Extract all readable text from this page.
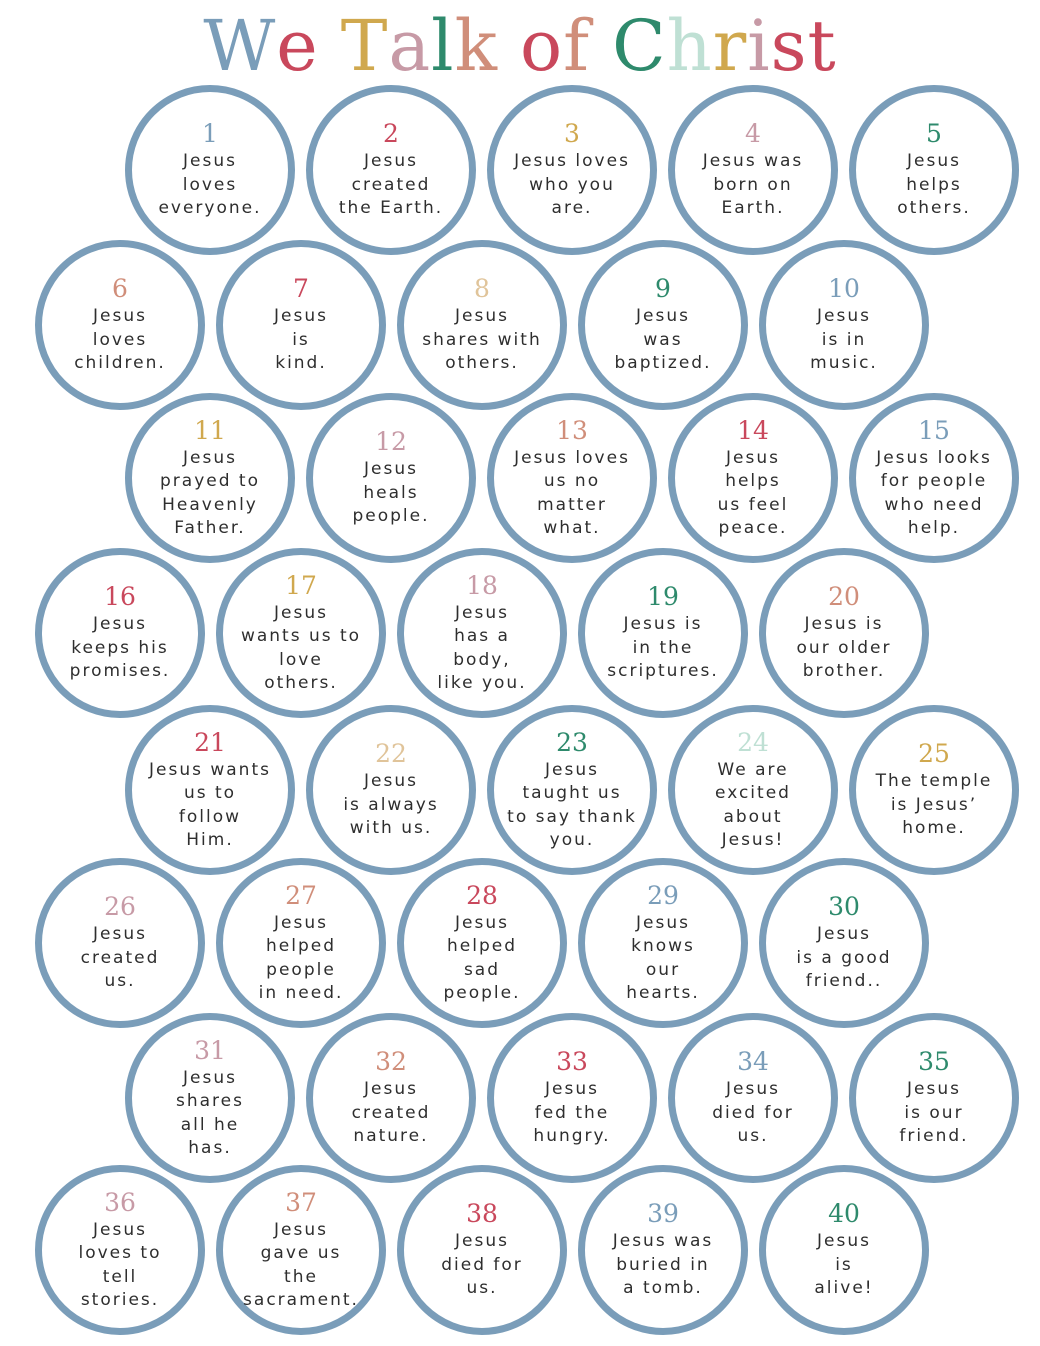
We Talk of Christ
1
Jesus
loves
everyone.
2
Jesus
created
the Earth.
3
Jesus loves
who you
are.
4
Jesus was
born on
Earth.
5
Jesus
helps
others.
6
Jesus
loves
children.
7
Jesus
is
kind.
8
Jesus
shares with
others.
9
Jesus
was
baptized.
10
Jesus
is in
music.
11
Jesus
prayed to
Heavenly
Father.
12
Jesus
heals
people.
13
Jesus loves
us no
matter
what.
14
Jesus
helps
us feel
peace.
15
Jesus looks
for people
who need
help.
16
Jesus
keeps his
promises.
17
Jesus
wants us to
love
others.
18
Jesus
has a
body,
like you.
19
Jesus is
in the
scriptures.
20
Jesus is
our older
brother.
21
Jesus wants
us to
follow
Him.
22
Jesus
is always
with us.
23
Jesus
taught us
to say thank
you.
24
We are
excited
about
Jesus!
25
The temple
is Jesus’
home.
26
Jesus
created
us.
27
Jesus
helped
people
in need.
28
Jesus
helped
sad
people.
29
Jesus
knows
our
hearts.
30
Jesus
is a good
friend..
31
Jesus
shares
all he
has.
32
Jesus
created
nature.
33
Jesus
fed the
hungry.
34
Jesus
died for
us.
35
Jesus
is our
friend.
36
Jesus
loves to
tell
stories.
37
Jesus
gave us
the
sacrament.
38
Jesus
died for
us.
39
Jesus was
buried in
a tomb.
40
Jesus
is
alive!
